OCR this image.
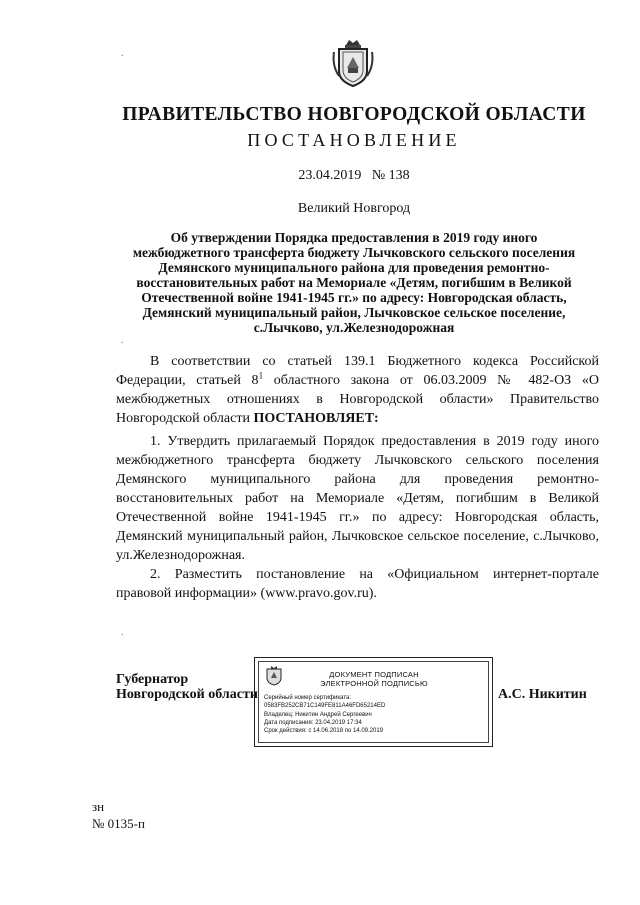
ПРАВИТЕЛЬСТВО НОВГОРОДСКОЙ ОБЛАСТИ
ПОСТАНОВЛЕНИЕ
23.04.2019 № 138
Великий Новгород
Об утверждении Порядка предоставления в 2019 году иного
межбюджетного трансферта бюджету Лычковского сельского поселения
Демянского муниципального района для проведения ремонтно-
восстановительных работ на Мемориале «Детям, погибшим в Великой
Отечественной войне 1941-1945 гг.» по адресу: Новгородская область,
Демянский муниципальный район, Лычковское сельское поселение,
с.Лычково, ул.Железнодорожная
.
.
.

В соответствии со статьей 139.1 Бюджетного кодекса Российской Федерации, статьей $8^1$ областного закона от 06.03.2009 № 482-ОЗ «О межбюджетных отношениях в Новгородской области» Правительство Новгородской области ПОСТАНОВЛЯЕТ:

1. Утвердить прилагаемый Порядок предоставления в 2019 году иного межбюджетного трансферта бюджету Лычковского сельского поселения Демянского муниципального района для проведения ремонтно-восстановительных работ на Мемориале «Детям, погибшим в Великой Отечественной войне 1941-1945 гг.» по адресу: Новгородская область, Демянский муниципальный район, Лычковское сельское поселение, с.Лычково, ул.Железнодорожная.

2. Разместить постановление на «Официальном интернет-портале правовой информации» (www.pravo.gov.ru).

Губернатор
Новгородской области
ДОКУМЕНТ ПОДПИСАН
ЭЛЕКТРОННОЙ ПОДПИСЬЮ
Серийный номер сертификата:
0583FB252CB71C149FE811A46FD65214ED
Владелец: Никитин Андрей Сергеевич
Дата подписания: 23.04.2019 17:34
Срок действия: с 14.06.2018 по 14.09.2019
А.С. Никитин
зн
№ 0135-п
